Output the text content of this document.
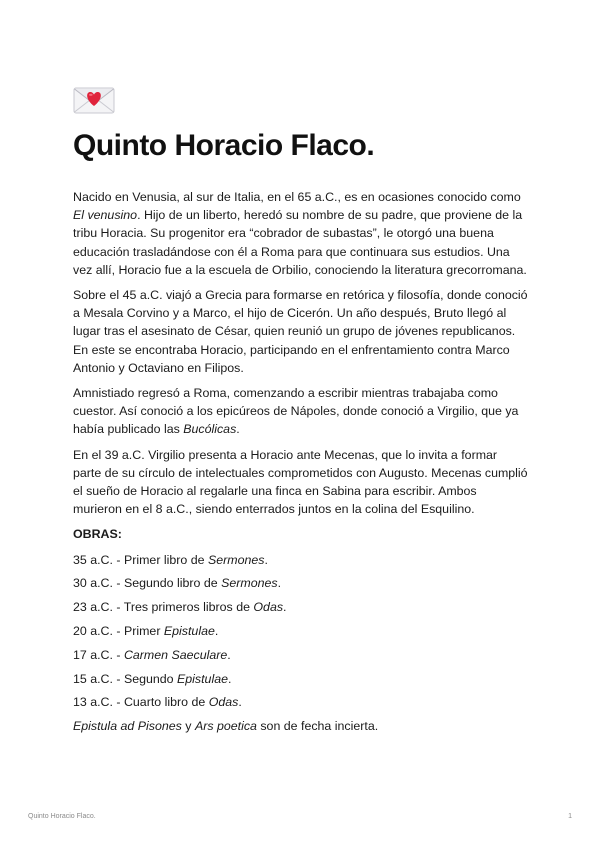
Quinto Horacio Flaco.

Nacido en Venusia, al sur de Italia, en el 65 a.C., es en ocasiones conocido como El venusino. Hijo de un liberto, heredó su nombre de su padre, que proviene de la tribu Horacia. Su progenitor era “cobrador de subastas”, le otorgó una buena educación trasladándose con él a Roma para que continuara sus estudios. Una vez allí, Horacio fue a la escuela de Orbilio, conociendo la literatura grecorromana.

Sobre el 45 a.C. viajó a Grecia para formarse en retórica y filosofía, donde conoció a Mesala Corvino y a Marco, el hijo de Cicerón. Un año después, Bruto llegó al lugar tras el asesinato de César, quien reunió un grupo de jóvenes republicanos. En este se encontraba Horacio, participando en el enfrentamiento contra Marco Antonio y Octaviano en Filipos.

Amnistiado regresó a Roma, comenzando a escribir mientras trabajaba como cuestor. Así conoció a los epicúreos de Nápoles, donde conoció a Virgilio, que ya había publicado las Bucólicas.

En el 39 a.C. Virgilio presenta a Horacio ante Mecenas, que lo invita a formar parte de su círculo de intelectuales comprometidos con Augusto. Mecenas cumplió el sueño de Horacio al regalarle una finca en Sabina para escribir. Ambos murieron en el 8 a.C., siendo enterrados juntos en la colina del Esquilino.

OBRAS:

35 a.C. - Primer libro de Sermones.

30 a.C. - Segundo libro de Sermones.

23 a.C. - Tres primeros libros de Odas.

20 a.C. - Primer Epistulae.

17 a.C. - Carmen Saeculare.

15 a.C. - Segundo Epistulae.

13 a.C. - Cuarto libro de Odas.

Epistula ad Pisones y Ars poetica son de fecha incierta.

Quinto Horacio Flaco.	1
